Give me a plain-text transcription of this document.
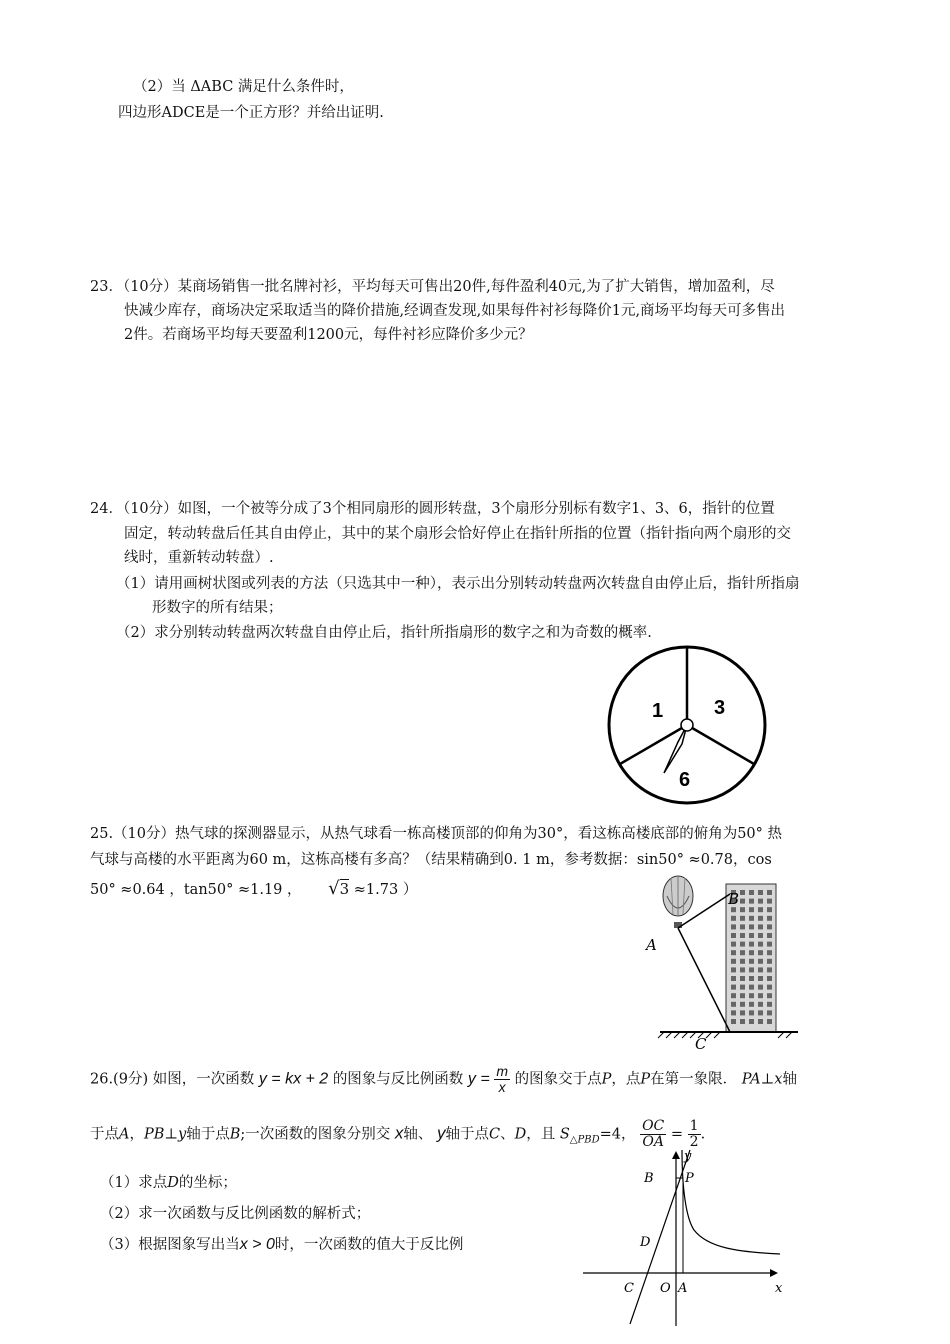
（2）当 ΔABC 满足什么条件时，
四边形ADCE是一个正方形？并给出证明.
23．（10分）某商场销售一批名牌衬衫，平均每天可售出20件,每件盈利40元,为了扩大销售，增加盈利，尽
快减少库存，商场决定采取适当的降价措施,经调查发现,如果每件衬衫每降价1元,商场平均每天可多售出
2件。若商场平均每天要盈利1200元，每件衬衫应降价多少元？
24．（10分）如图，一个被等分成了3个相同扇形的圆形转盘，3个扇形分别标有数字1、3、6，指针的位置
固定，转动转盘后任其自由停止，其中的某个扇形会恰好停止在指针所指的位置（指针指向两个扇形的交
线时，重新转动转盘）.
（1）请用画树状图或列表的方法（只选其中一种），表示出分别转动转盘两次转盘自由停止后，指针所指扇
形数字的所有结果；
（2）求分别转动转盘两次转盘自由停止后，指针所指扇形的数字之和为奇数的概率.
1	3
6
25.（10分）热气球的探测器显示，从热气球看一栋高楼顶部的仰角为30°，看这栋高楼底部的俯角为50° 热
气球与高楼的水平距离为60 m，这栋高楼有多高？（结果精确到0. 1 m，参考数据：sin50° ≈0.78，cos
50° ≈0.64 ，tan50° ≈1.19 ， √3 ≈1.73 ）
A
B
C
26.(9分) 如图，一次函数 y = kx + 2 的图象与反比例函数 $y = \frac{m}{x}$ 的图象交于点P，点P在第一象限． PA⊥x轴
于点A，PB⊥y轴于点B;一次函数的图象分别交 x轴、 y轴于点C、D，且 $S_{\triangle PBD}=4$， $\frac{OC}{OA} = \frac{1}{2}$ .
（1）求点D的坐标；
（2）求一次函数与反比例函数的解析式；
（3）根据图象写出当x > 0时，一次函数的值大于反比例
y
x
O A
C
B
D
P
